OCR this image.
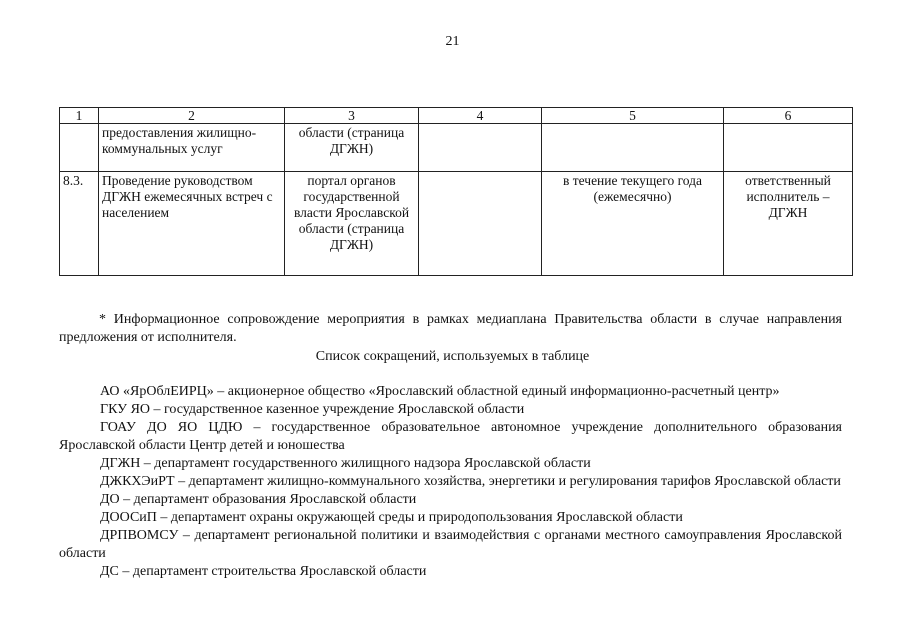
21
1	2	3	4	5	6
	предоставления жилищно-коммунальных услуг	области (страница ДГЖН)			
8.3.	Проведение руководством ДГЖН ежемесячных встреч с населением	портал органов государственной власти Ярославской области (страница ДГЖН)		в течение текущего года (ежемесячно)	ответственный исполнитель – ДГЖН

* Информационное сопровождение мероприятия в рамках медиаплана Правительства области в случае направления предложения от исполнителя.

Список сокращений, используемых в таблице

АО «ЯрОблЕИРЦ» – акционерное общество «Ярославский областной единый информационно-расчетный центр»

ГКУ ЯО – государственное казенное учреждение Ярославской области

ГОАУ ДО ЯО ЦДЮ – государственное образовательное автономное учреждение дополнительного образования Ярославской области Центр детей и юношества

ДГЖН – департамент государственного жилищного надзора Ярославской области

ДЖКХЭиРТ – департамент жилищно-коммунального хозяйства, энергетики и регулирования тарифов Ярославской области

ДО – департамент образования Ярославской области

ДООСиП – департамент охраны окружающей среды и природопользования Ярославской области

ДРПВОМСУ – департамент региональной политики и взаимодействия с органами местного самоуправления Ярославской области

ДС – департамент строительства Ярославской области
